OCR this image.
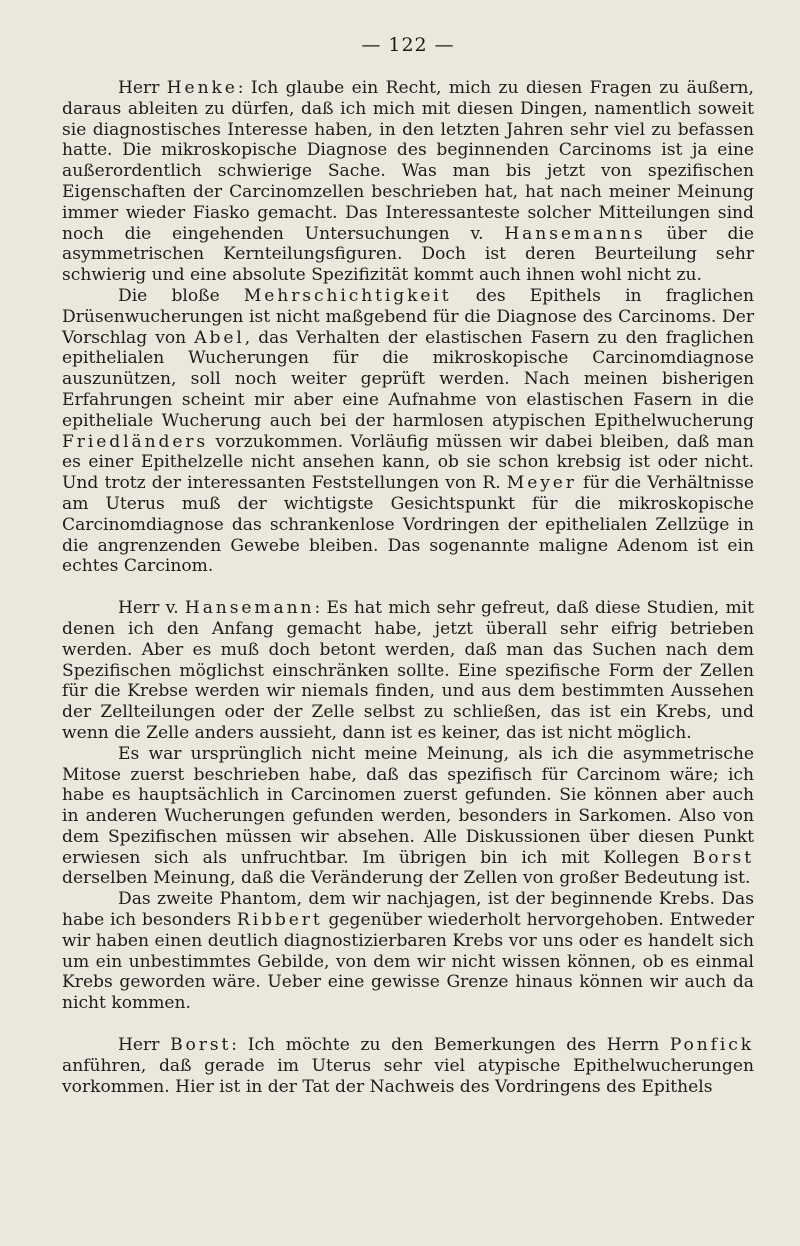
— 122 —

Herr Henke: Ich glaube ein Recht, mich zu diesen Fragen zu äußern, daraus ableiten zu dürfen, daß ich mich mit diesen Dingen, namentlich soweit sie diagnostisches Interesse haben, in den letzten Jahren sehr viel zu befassen hatte. Die mikroskopische Diagnose des beginnenden Carcinoms ist ja eine außerordentlich schwierige Sache. Was man bis jetzt von spezifischen Eigenschaften der Carcinomzellen beschrieben hat, hat nach meiner Meinung immer wieder Fiasko gemacht. Das Interessanteste solcher Mitteilungen sind noch die eingehenden Untersuchungen v. Hansemanns über die asymmetrischen Kernteilungsfiguren. Doch ist deren Beurteilung sehr schwierig und eine absolute Spezifizität kommt auch ihnen wohl nicht zu.

Die bloße Mehrschichtigkeit des Epithels in fraglichen Drüsenwucherungen ist nicht maßgebend für die Diagnose des Carcinoms. Der Vorschlag von Abel, das Verhalten der elastischen Fasern zu den fraglichen epithelialen Wucherungen für die mikroskopische Carcinomdiagnose auszunützen, soll noch weiter geprüft werden. Nach meinen bisherigen Erfahrungen scheint mir aber eine Aufnahme von elastischen Fasern in die epitheliale Wucherung auch bei der harmlosen atypischen Epithelwucherung Friedländers vorzukommen. Vorläufig müssen wir dabei bleiben, daß man es einer Epithelzelle nicht ansehen kann, ob sie schon krebsig ist oder nicht. Und trotz der interessanten Feststellungen von R. Meyer für die Verhältnisse am Uterus muß der wichtigste Gesichtspunkt für die mikroskopische Carcinomdiagnose das schrankenlose Vordringen der epithelialen Zellzüge in die angrenzenden Gewebe bleiben. Das sogenannte maligne Adenom ist ein echtes Carcinom.

Herr v. Hansemann: Es hat mich sehr gefreut, daß diese Studien, mit denen ich den Anfang gemacht habe, jetzt überall sehr eifrig betrieben werden. Aber es muß doch betont werden, daß man das Suchen nach dem Spezifischen möglichst einschränken sollte. Eine spezifische Form der Zellen für die Krebse werden wir niemals finden, und aus dem bestimmten Aussehen der Zellteilungen oder der Zelle selbst zu schließen, das ist ein Krebs, und wenn die Zelle anders aussieht, dann ist es keiner, das ist nicht möglich.

Es war ursprünglich nicht meine Meinung, als ich die asymmetrische Mitose zuerst beschrieben habe, daß das spezifisch für Carcinom wäre; ich habe es hauptsächlich in Carcinomen zuerst gefunden. Sie können aber auch in anderen Wucherungen gefunden werden, besonders in Sarkomen. Also von dem Spezifischen müssen wir absehen. Alle Diskussionen über diesen Punkt erwiesen sich als unfruchtbar. Im übrigen bin ich mit Kollegen Borst derselben Meinung, daß die Veränderung der Zellen von großer Bedeutung ist.

Das zweite Phantom, dem wir nachjagen, ist der beginnende Krebs. Das habe ich besonders Ribbert gegenüber wiederholt hervorgehoben. Entweder wir haben einen deutlich diagnostizierbaren Krebs vor uns oder es handelt sich um ein unbestimmtes Gebilde, von dem wir nicht wissen können, ob es einmal Krebs geworden wäre. Ueber eine gewisse Grenze hinaus können wir auch da nicht kommen.

Herr Borst: Ich möchte zu den Bemerkungen des Herrn Ponfick anführen, daß gerade im Uterus sehr viel atypische Epithelwucherungen vorkommen. Hier ist in der Tat der Nachweis des Vordringens des Epithels
